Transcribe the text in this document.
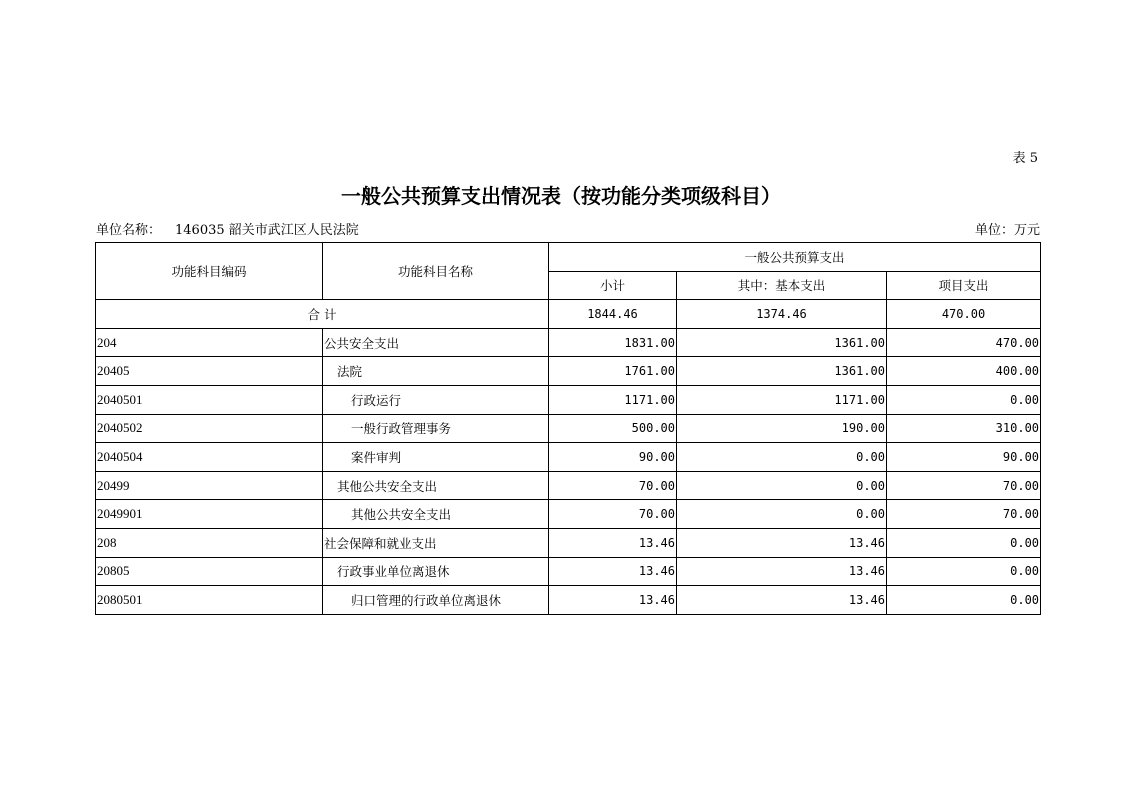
表 5
一般公共预算支出情况表（按功能分类项级科目）
单位名称： 146035 韶关市武江区人民法院	单位：万元
功能科目编码	功能科目名称	一般公共预算支出		
		小计	其中：基本支出	项目支出
合 计		1844.46	1374.46	470.00
204	公共安全支出	1831.00	1361.00	470.00
20405	法院	1761.00	1361.00	400.00
2040501	行政运行	1171.00	1171.00	0.00
2040502	一般行政管理事务	500.00	190.00	310.00
2040504	案件审判	90.00	0.00	90.00
20499	其他公共安全支出	70.00	0.00	70.00
2049901	其他公共安全支出	70.00	0.00	70.00
208	社会保障和就业支出	13.46	13.46	0.00
20805	行政事业单位离退休	13.46	13.46	0.00
2080501	归口管理的行政单位离退休	13.46	13.46	0.00
